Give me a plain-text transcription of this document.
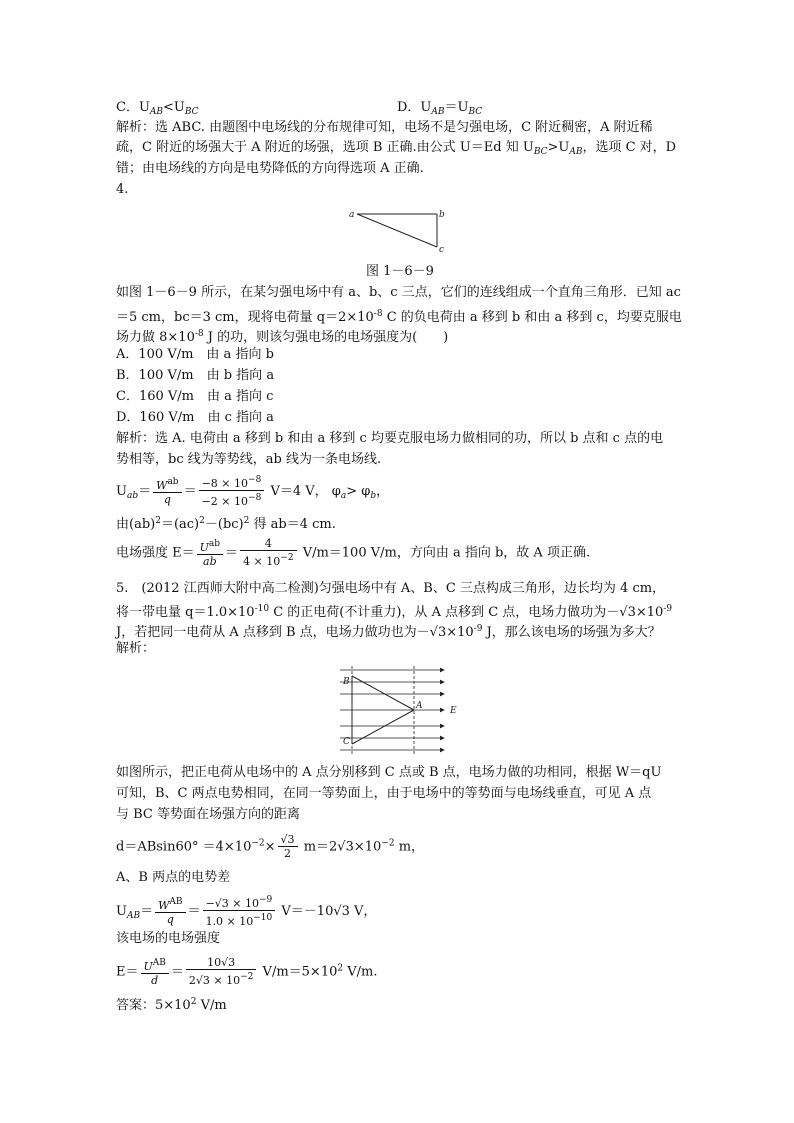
C．$U_{AB}<U_{BC}$	D．$U_{AB}=U_{BC}$
解析：选 ABC. 由题图中电场线的分布规律可知，电场不是匀强电场，C 附近稠密，A 附近稀
疏，C 附近的场强大于 A 附近的场强，选项 B 正确.由公式 U＝Ed 知 $U_{BC}>U_{AB}$，选项 C 对，D
错；由电场线的方向是电势降低的方向得选项 A 正确.
4.
a	b
c
图 1－6－9
如图 1－6－9 所示，在某匀强电场中有 a、b、c 三点，它们的连线组成一个直角三角形．已知 ac
＝5 cm，bc＝3 cm，现将电荷量 $q=2\times 10^{-8}$ C 的负电荷由 a 移到 b 和由 a 移到 c，均要克服电
场力做 $8\times 10^{-8}$ J 的功，则该匀强电场的电场强度为(　　)
A．100 V/m　由 a 指向 b
B．100 V/m　由 b 指向 a
C．160 V/m　由 a 指向 c
D．160 V/m　由 c 指向 a
解析：选 A. 电荷由 a 移到 b 和由 a 移到 c 均要克服电场力做相同的功，所以 b 点和 c 点的电
势相等，bc 线为等势线，ab 线为一条电场线.
$U_{ab}= \frac{W^{ab}}{q} = \frac{-8 \times 10^{-8}}{-2 \times 10^{-8}} V=4$ V， $\varphi_a> \varphi_b$，
由(ab)$^2$＝(ac)$^2$－(bc)$^2$ 得 ab＝4 cm.
电场强度 $E= \frac{U^{ab}}{ab} = \frac{4}{4 \times 10^{-2}} V/m=100$ V/m，方向由 a 指向 b，故 A 项正确.
5.　(2012 江西师大附中高二检测)匀强电场中有 A、B、C 三点构成三角形，边长均为 4 cm，
将一带电量 $q=1.0\times 10^{-10}$ C 的正电荷(不计重力)，从 A 点移到 C 点，电场力做功为$-√3\times 10^{-9}$
J，若把同一电荷从 A 点移到 B 点，电场力做功也为$-√3\times 10^{-9}$ J，那么该电场的场强为多大？
解析：
B
C
A	E
如图所示，把正电荷从电场中的 A 点分别移到 C 点或 B 点，电场力做的功相同，根据 W＝qU
可知，B、C 两点电势相同，在同一等势面上，由于电场中的等势面与电场线垂直，可见 A 点
与 BC 等势面在场强方向的距离
$d=ABsin60^\circ =4\times 10^{-2}\times \frac{√3}{2} m=2√3\times 10^{-2}$ m，
A、B 两点的电势差
$U_{AB}= \frac{W^{AB}}{q} = \frac{-√3 \times 10^{-9}}{1.0 \times 10^{-10}} V=-10√3$ V，
该电场的电场强度
$E= \frac{U^{AB}}{d} = \frac{10√3}{2√3 \times 10^{-2}} V/m=5\times 10^2$ V/m.
答案：$5\times 10^2$ V/m
